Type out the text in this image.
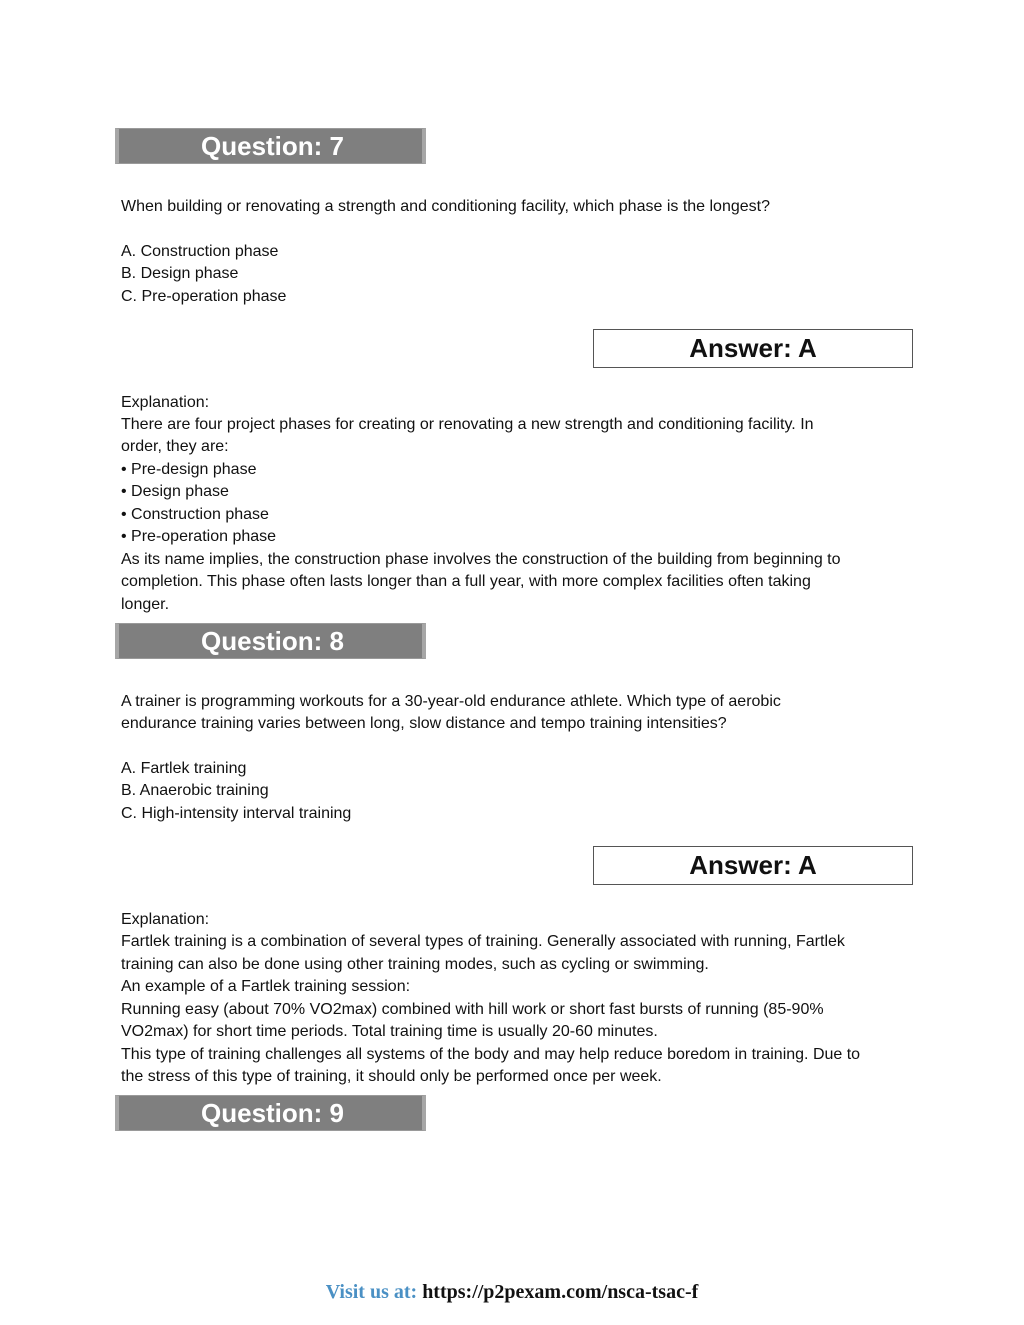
Question: 7
When building or renovating a strength and conditioning facility, which phase is the longest?
A. Construction phase
B. Design phase
C. Pre-operation phase
Answer: A
Explanation:
There are four project phases for creating or renovating a new strength and conditioning facility. In
order, they are:
• Pre-design phase
• Design phase
• Construction phase
• Pre-operation phase
As its name implies, the construction phase involves the construction of the building from beginning to
completion. This phase often lasts longer than a full year, with more complex facilities often taking
longer.
Question: 8
A trainer is programming workouts for a 30-year-old endurance athlete. Which type of aerobic
endurance training varies between long, slow distance and tempo training intensities?
A. Fartlek training
B. Anaerobic training
C. High-intensity interval training
Answer: A
Explanation:
Fartlek training is a combination of several types of training. Generally associated with running, Fartlek
training can also be done using other training modes, such as cycling or swimming.
An example of a Fartlek training session:
Running easy (about 70% VO2max) combined with hill work or short fast bursts of running (85-90%
VO2max) for short time periods. Total training time is usually 20-60 minutes.
This type of training challenges all systems of the body and may help reduce boredom in training. Due to
the stress of this type of training, it should only be performed once per week.
Question: 9
Visit us at: https://p2pexam.com/nsca-tsac-f
